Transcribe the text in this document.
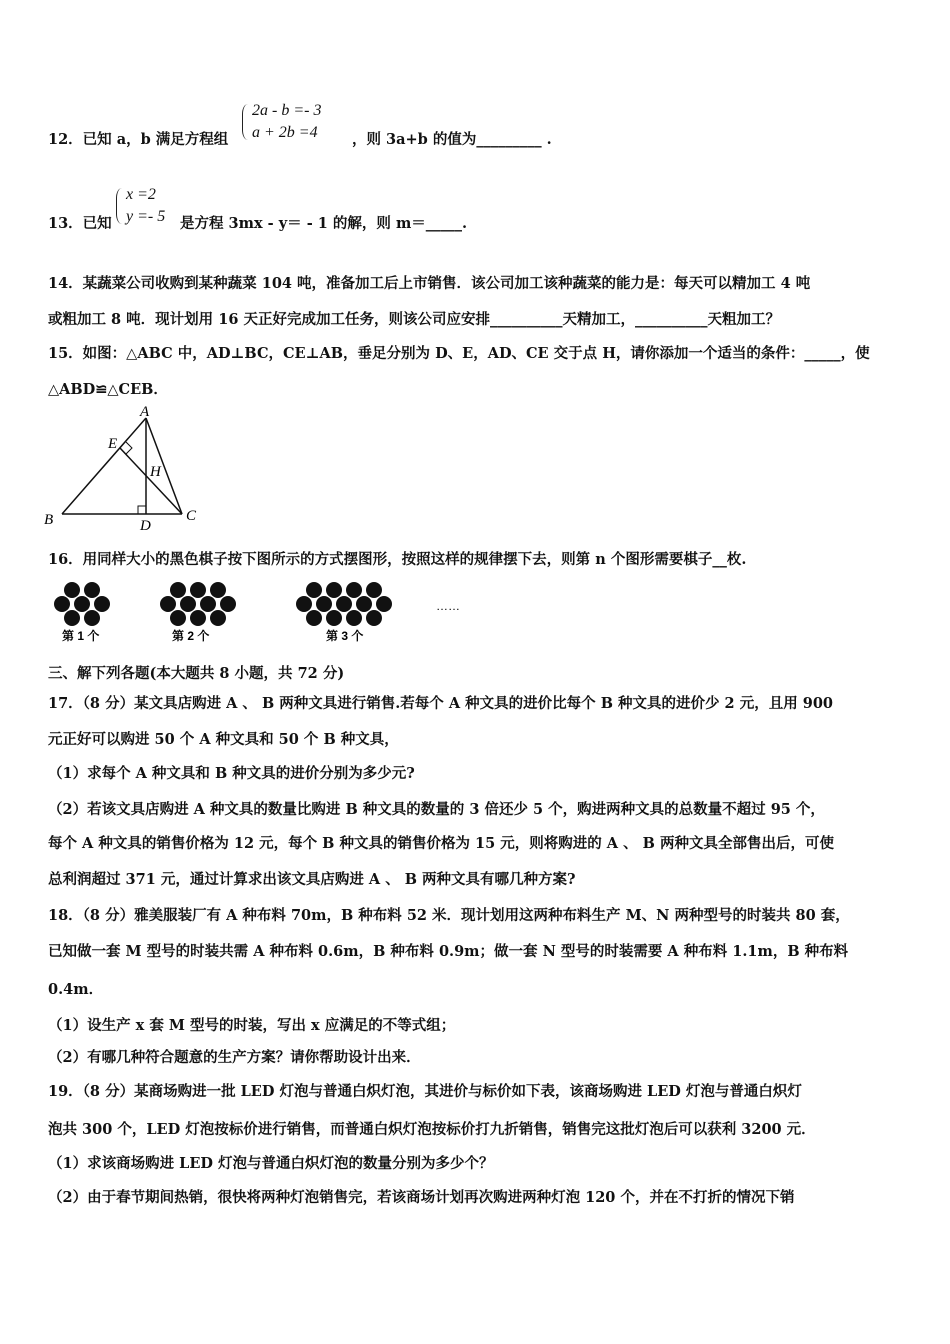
12．已知 a，b 满足方程组
2a - b =- 3
a + 2b =4 ，则 3a+b 的值为_________ .
13．已知
x =2
y =- 5 是方程 3mx - y＝ - 1 的解，则 m＝_____.
14．某蔬菜公司收购到某种蔬菜 104 吨，准备加工后上市销售．该公司加工该种蔬菜的能力是：每天可以精加工 4 吨
或粗加工 8 吨．现计划用 16 天正好完成加工任务，则该公司应安排__________天精加工，__________天粗加工？
15．如图：△ABC 中，AD⊥BC，CE⊥AB，垂足分别为 D、E，AD、CE 交于点 H，请你添加一个适当的条件：_____，使
△ABD≌△CEB．
A
E
H
B	D
C
16．用同样大小的黑色棋子按下图所示的方式摆图形，按照这样的规律摆下去，则第 n 个图形需要棋子__枚.
第 1 个	第 2 个	第 3 个
……
三、解下列各题(本大题共 8 小题，共 72 分)
17．（8 分）某文具店购进 A 、 B 两种文具进行销售.若每个 A 种文具的进价比每个 B 种文具的进价少 2 元，且用 900
元正好可以购进 50 个 A 种文具和 50 个 B 种文具，
（1）求每个 A 种文具和 B 种文具的进价分别为多少元?
（2）若该文具店购进 A 种文具的数量比购进 B 种文具的数量的 3 倍还少 5 个，购进两种文具的总数量不超过 95 个，
每个 A 种文具的销售价格为 12 元，每个 B 种文具的销售价格为 15 元，则将购进的 A 、 B 两种文具全部售出后，可使
总利润超过 371 元，通过计算求出该文具店购进 A 、 B 两种文具有哪几种方案?
18．（8 分）雅美服装厂有 A 种布料 70m，B 种布料 52 米．现计划用这两种布料生产 M、N 两种型号的时装共 80 套，
已知做一套 M 型号的时装共需 A 种布料 0.6m，B 种布料 0.9m；做一套 N 型号的时装需要 A 种布料 1.1m，B 种布料
0.4m．
（1）设生产 x 套 M 型号的时装，写出 x 应满足的不等式组；
（2）有哪几种符合题意的生产方案？请你帮助设计出来．
19．（8 分）某商场购进一批 LED 灯泡与普通白炽灯泡，其进价与标价如下表，该商场购进 LED 灯泡与普通白炽灯
泡共 300 个，LED 灯泡按标价进行销售，而普通白炽灯泡按标价打九折销售，销售完这批灯泡后可以获利 3200 元．
（1）求该商场购进 LED 灯泡与普通白炽灯泡的数量分别为多少个？
（2）由于春节期间热销，很快将两种灯泡销售完，若该商场计划再次购进两种灯泡 120 个，并在不打折的情况下销
